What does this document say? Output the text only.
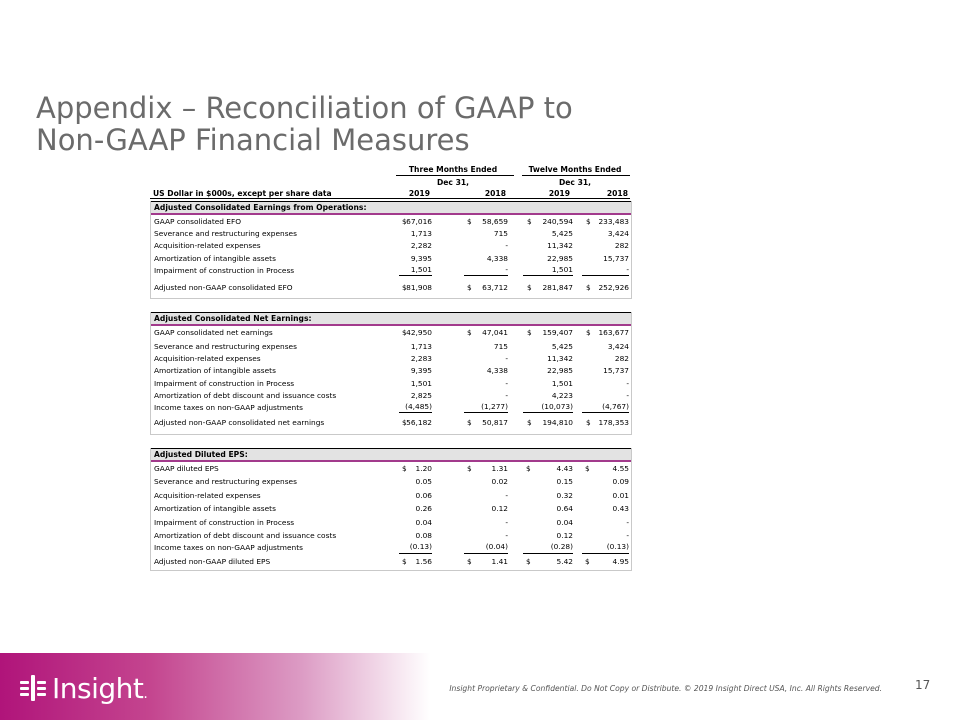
Appendix – Reconciliation of GAAP to
Non-GAAP Financial Measures
Three Months Ended
Dec 31,
Twelve Months Ended
Dec 31,
US Dollar in $000s, except per share data	2019	2018	2019	2018
Adjusted Consolidated Earnings from Operations:
GAAP consolidated EFO	$ 67,016	$ 58,659	$ 240,594 $ 233,483
Severance and restructuring expenses	1,713	715	5,425	3,424
Acquisition-related expenses	2,282	-	11,342	282
Amortization of intangible assets	9,395	4,338	22,985	15,737
Impairment of construction in Process	1,501	-	1,501	-
Adjusted non-GAAP consolidated EFO	$ 81,908	$ 63,712	$ 281,847 $ 252,926
Adjusted Consolidated Net Earnings:
GAAP consolidated net earnings	$ 42,950	$ 47,041	$ 159,407 $ 163,677
Severance and restructuring expenses	1,713	715	5,425	3,424
Acquisition-related expenses	2,283	-	11,342	282
Amortization of intangible assets	9,395	4,338	22,985	15,737
Impairment of construction in Process	1,501	-	1,501	-
Amortization of debt discount and issuance costs	2,825	-	4,223	-
Income taxes on non-GAAP adjustments	(4,485)	(1,277)	(10,073)	(4,767)
Adjusted non-GAAP consolidated net earnings	$ 56,182	$ 50,817	$ 194,810 $ 178,353
Adjusted Diluted EPS:
GAAP diluted EPS	$ 1.20	$	1.31 $	4.43 $	4.55
Severance and restructuring expenses	0.05	0.02	0.15	0.09
Acquisition-related expenses	0.06	-	0.32	0.01
Amortization of intangible assets	0.26	0.12	0.64	0.43
Impairment of construction in Process	0.04	-	0.04	-
Amortization of debt discount and issuance costs	0.08	-	0.12	-
Income taxes on non-GAAP adjustments	(0.13)	(0.04)	(0.28)	(0.13)
Adjusted non-GAAP diluted EPS	$ 1.56	$	1.41 $	5.42 $	4.95
Insight.	Insight Proprietary & Confidential. Do Not Copy or Distribute. © 2019 Insight Direct USA, Inc. All Rights Reserved.	17
